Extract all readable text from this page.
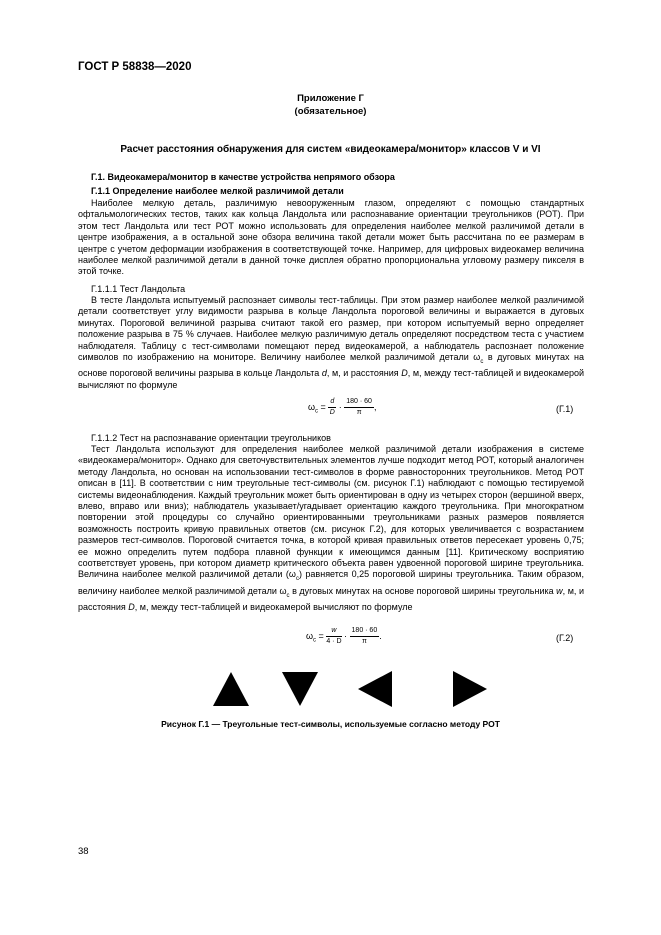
ГОСТ Р 58838—2020
Приложение Г
(обязательное)
Расчет расстояния обнаружения для систем «видеокамера/монитор» классов V и VI
Г.1. Видеокамера/монитор в качестве устройства непрямого обзора
Г.1.1 Определение наиболее мелкой различимой детали
Наиболее мелкую деталь, различимую невооруженным глазом, определяют с помощью стандартных офтальмологических тестов, таких как кольца Ландольта или распознавание ориентации треугольников (РОТ). При этом тест Ландольта или тест РОТ можно использовать для определения наиболее мелкой различимой детали в центре изображения, а в остальной зоне обзора величина такой детали может быть рассчитана по ее размерам в центре с учетом деформации изображения в соответствующей точке. Например, для цифровых видеокамер величина наиболее мелкой различимой детали в данной точке дисплея обратно пропорциональна угловому размеру пикселя в этой точке.
Г.1.1.1 Тест Ландольта
В тесте Ландольта испытуемый распознает символы тест-таблицы. При этом размер наиболее мелкой различимой детали соответствует углу видимости разрыва в кольце Ландольта пороговой величины и выражается в дуговых минутах. Пороговой величиной разрыва считают такой его размер, при котором испытуемый верно определяет положение разрыва в 75 % случаев. Наиболее мелкую различимую деталь определяют посредством теста с участием наблюдателя. Таблицу с тест-символами помещают перед видеокамерой, а наблюдатель распознает положение символов по изображению на мониторе. Величину наиболее мелкой различимой детали $\omega_c$ в дуговых минутах на основе пороговой величины разрыва в кольце Ландольта d, м, и расстояния D, м, между тест-таблицей и видеокамерой вычисляют по формуле
$\omega_c = \frac{d}{D} \cdot \frac{180 \cdot 60}{\pi}$ ,	(Г.1)
Г.1.1.2 Тест на распознавание ориентации треугольников
Тест Ландольта используют для определения наиболее мелкой различимой детали изображения в системе «видеокамера/монитор». Однако для светочувствительных элементов лучше подходит метод РОТ, который аналогичен методу Ландольта, но основан на использовании тест-символов в форме равносторонних треугольников. Метод РОТ описан в [11]. В соответствии с ним треугольные тест-символы (см. рисунок Г.1) наблюдают с помощью тестируемой системы видеонаблюдения. Каждый треугольник может быть ориентирован в одну из четырех сторон (вершиной вверх, влево, вправо или вниз); наблюдатель указывает/угадывает ориентацию каждого треугольника. При многократном повторении этой процедуры со случайно ориентированными треугольниками разных размеров появляется возможность построить кривую правильных ответов (см. рисунок Г.2), для которых увеличивается с возрастанием размеров тест-символов. Пороговой считается точка, в которой кривая правильных ответов пересекает уровень 0,75; ее можно определить путем подбора плавной функции к имеющимся данным [11]. Критическому восприятию соответствует уровень, при котором диаметр критического объекта равен удвоенной пороговой ширине треугольника. Величина наиболее мелкой различимой детали $(\omega_c)$ равняется 0,25 пороговой ширины треугольника. Таким образом, величину наиболее мелкой различимой детали $\omega_c$ в дуговых минутах на основе пороговой ширины треугольника w, м, и расстояния D, м, между тест-таблицей и видеокамерой вычисляют по формуле
$\omega_c = \frac{w}{4 \cdot D} \cdot \frac{180 \cdot 60}{\pi}$ .	(Г.2)
Рисунок Г.1 — Треугольные тест-символы, используемые согласно методу РОТ
38
